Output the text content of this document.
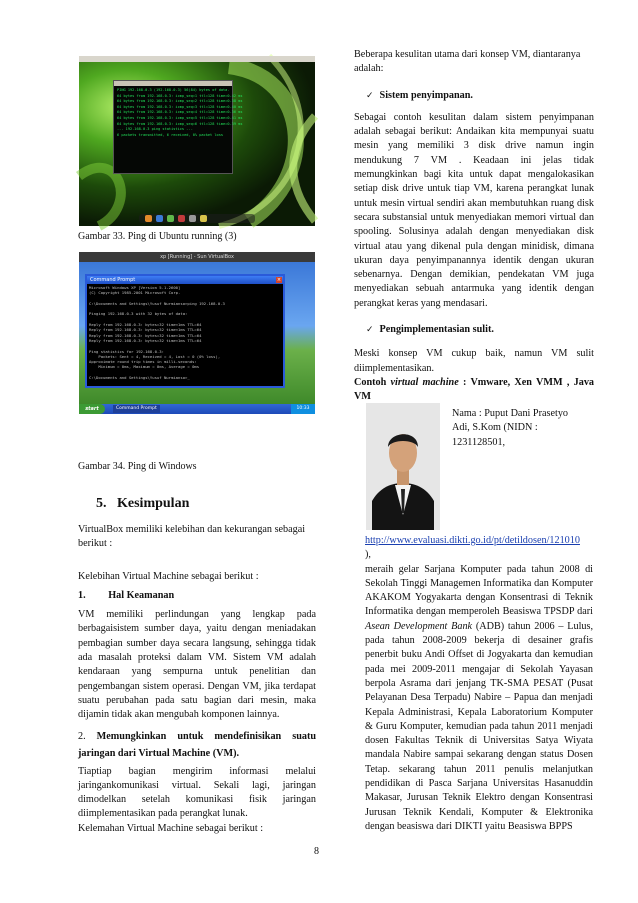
PING 192.168.0.3 (192.168.0.3) 56(84) bytes of data.
64 bytes from 192.168.0.3: icmp_seq=1 ttl=128 time=0.42 ms
64 bytes from 192.168.0.3: icmp_seq=2 ttl=128 time=0.38 ms
64 bytes from 192.168.0.3: icmp_seq=3 ttl=128 time=0.40 ms
64 bytes from 192.168.0.3: icmp_seq=4 ttl=128 time=0.36 ms
64 bytes from 192.168.0.3: icmp_seq=5 ttl=128 time=0.41 ms
64 bytes from 192.168.0.3: icmp_seq=6 ttl=128 time=0.39 ms
--- 192.168.0.3 ping statistics ---
6 packets transmitted, 6 received, 0% packet loss
Gambar 33. Ping di Ubuntu running (3)
xp [Running] - Sun VirtualBox
Command Prompt	×
Microsoft Windows XP [Version 5.1.2600]
(C) Copyright 1985-2001 Microsoft Corp.
C:\Documents and Settings\Yusuf Nurmianso>ping 192.168.0.3
Pinging 192.168.0.3 with 32 bytes of data:
Reply from 192.168.0.3: bytes=32 time<1ms TTL=64
Reply from 192.168.0.3: bytes=32 time<1ms TTL=64
Reply from 192.168.0.3: bytes=32 time<1ms TTL=64
Reply from 192.168.0.3: bytes=32 time<1ms TTL=64
Ping statistics for 192.168.0.3:
Packets: Sent = 4, Received = 4, Lost = 0 (0% loss),
Approximate round trip times in milli-seconds:
Minimum = 0ms, Maximum = 0ms, Average = 0ms
C:\Documents and Settings\Yusuf Nurmianso>_
start	Command Prompt	10:33
Gambar 34. Ping di Windows
5.   Kesimpulan

VirtualBox memiliki kelebihan dan kekurangan sebagai berikut :

Kelebihan Virtual Machine sebagai berikut :

1. Hal Keamanan

VM memiliki perlindungan yang lengkap pada berbagaisistem sumber daya, yaitu dengan meniadakan pembagian sumber daya secara langsung, sehingga tidak ada masalah proteksi dalam VM. Sistem VM adalah kendaraan yang sempurna untuk penelitian dan pengembangan sistem operasi. Dengan VM, jika terdapat suatu perubahan pada satu bagian dari mesin, maka dijamin tidak akan mengubah komponen lainnya.

2. Memungkinkan untuk mendefinisikan suatu jaringan dari Virtual Machine (VM).

Tiaptiap bagian mengirim informasi melalui jaringankomunikasi virtual. Sekali lagi, jaringan dimodelkan setelah komunikasi fisik jaringan diimplementasikan pada perangkat lunak.

Kelemahan Virtual Machine sebagai berikut :

Beberapa kesulitan utama dari konsep VM, diantaranya adalah:

✓ Sistem penyimpanan.

Sebagai contoh kesulitan dalam sistem penyimpanan adalah sebagai berikut: Andaikan kita mempunyai suatu mesin yang memiliki 3 disk drive namun ingin mendukung 7 VM . Keadaan ini jelas tidak memungkinkan bagi kita untuk dapat mengalokasikan setiap disk drive untuk tiap VM, karena perangkat lunak untuk mesin virtual sendiri akan membutuhkan ruang disk secara substansial untuk menyediakan memori virtual dan spooling. Solusinya adalah dengan menyediakan disk virtual atau yang dikenal pula dengan minidisk, dimana ukuran daya penyimpanannya identik dengan ukuran sebenarnya. Dengan demikian, pendekatan VM juga menyediakan sebuah antarmuka yang identik dengan perangkat keras yang mendasari.

✓ Pengimplementasian sulit.

Meski konsep VM cukup baik, namun VM sulit diimplementasikan.

Contoh virtual machine : Vmware, Xen VMM , Java VM

Nama : Puput Dani Prasetyo
Adi, S.Kom (NIDN :
1231128501,

http://www.evaluasi.dikti.go.id/pt/detildosen/121010
),

meraih gelar Sarjana Komputer pada tahun 2008 di Sekolah Tinggi Managemen Informatika dan Komputer AKAKOM Yogyakarta dengan Konsentrasi di Teknik Informatika dengan memperoleh Beasiswa TPSDP dari Asean Development Bank (ADB) tahun 2006 – Lulus, pada tahun 2008-2009 bekerja di desainer grafis penerbit buku Andi Offset di Jogyakarta dan kemudian pada mei 2009-2011 mengajar di Sekolah Yayasan berpola Asrama dari jenjang TK-SMA PESAT (Pusat Pelayanan Desa Terpadu) Nabire – Papua dan menjadi Kepala Administrasi, Kepala Laboratorium Komputer & Guru Komputer, kemudian pada tahun 2011 menjadi dosen Fakultas Teknik di Universitas Satya Wiyata mandala Nabire sampai sekarang dengan status Dosen Tetap. sekarang tahun 2011 penulis melanjutkan pendidikan di Pasca Sarjana Universitas Hasanuddin Makasar, Jurusan Teknik Elektro dengan Konsentrasi Jurusan Teknik Kendali, Komputer & Elektronika dengan beasiswa dari DIKTI yaitu Beasiswa BPPS

8
